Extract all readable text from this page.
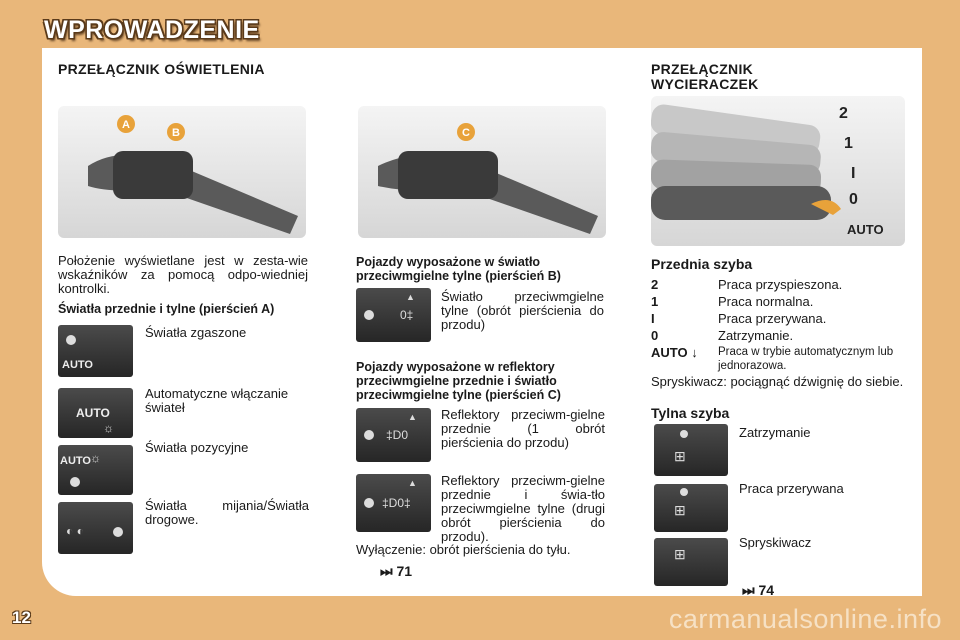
WPROWADZENIE
PRZEŁĄCZNIK OŚWIETLENIA
A
B	C
Położenie wyświetlane jest w zesta-wie wskaźników za pomocą odpo-wiedniej kontrolki.
Światła przednie i tylne (pierścień A)
AUTO
Światła zgaszone
AUTO
☼
Automatyczne włączanie świateł
AUTO ☼
Światła pozycyjne
◐ ◐
Światła mijania/Światła drogowe.
Pojazdy wyposażone w światło przeciwmgielne tylne (pierścień B)
0‡
▲ Światło przeciwmgielne tylne (obrót pierścienia do przodu)
Pojazdy wyposażone w reflektory przeciwmgielne przednie i światło przeciwmgielne tylne (pierścień C)
‡D0
▲ Reflektory przeciwm-gielne przednie (1 obrót pierścienia do przodu)
‡D0‡
▲ Reflektory przeciwm-gielne przednie i świa-tło przeciwmgielne tylne (drugi obrót pierścienia do przodu).
Wyłączenie: obrót pierścienia do tyłu.
⏭ 71
PRZEŁĄCZNIK
WYCIERACZEK
2
1
I
0
AUTO
Przednia szyba
2	Praca przyspieszona.
1	Praca normalna.
I	Praca przerywana.
0	Zatrzymanie.
AUTO ↓ Praca w trybie automatycznym lub jednorazowa.
Spryskiwacz: pociągnąć dźwignię do siebie.
Tylna szyba
⊞
Zatrzymanie
⊞
Praca przerywana
⊞
Spryskiwacz
⏭ 74
12	carmanualsonline.info
